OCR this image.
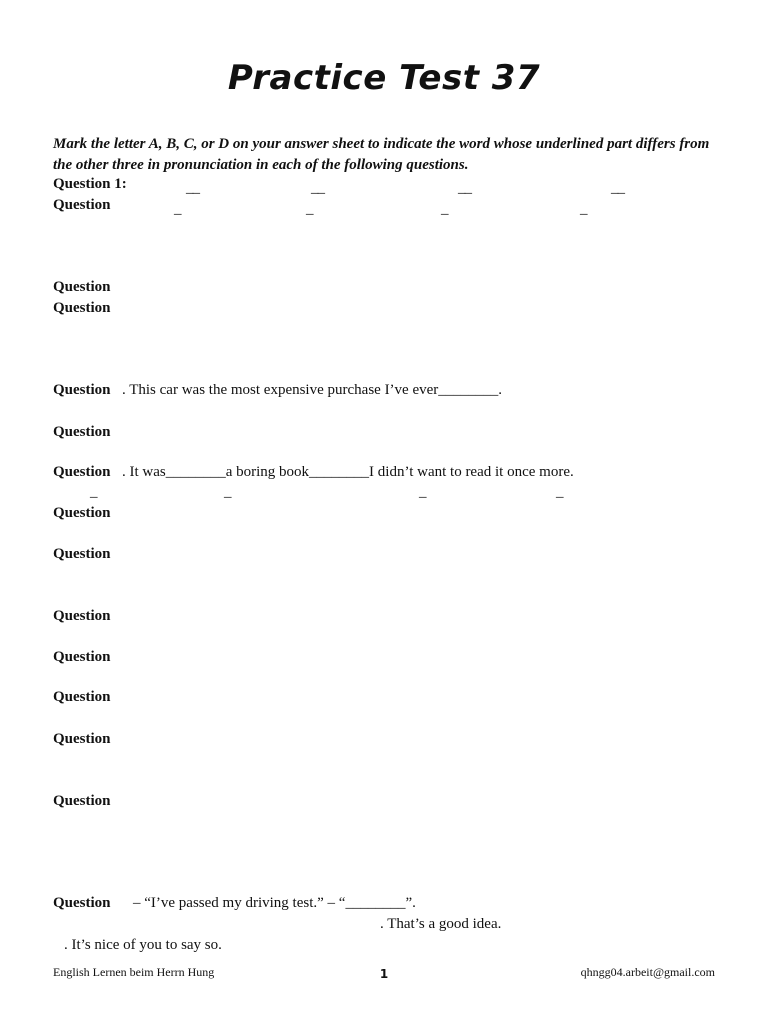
Practice Test 37
Mark the letter A, B, C, or D on your answer sheet to indicate the word whose underlined part differs from the other three in pronunciation in each of the following questions.
Question 1:	__	__	__	__
Question	_	_	_	_
Question
Question
Question . This car was the most expensive purchase I’ve ever________.
Question
Question . It was________a boring book________I didn’t want to read it once more.
_	_	_	_
Question
Question
Question
Question
Question
Question
Question
Question – “I’ve passed my driving test.” – “________”.
. That’s a good idea.
. It’s nice of you to say so.
English Lernen beim Herrn Hung	1	qhngg04.arbeit@gmail.com
